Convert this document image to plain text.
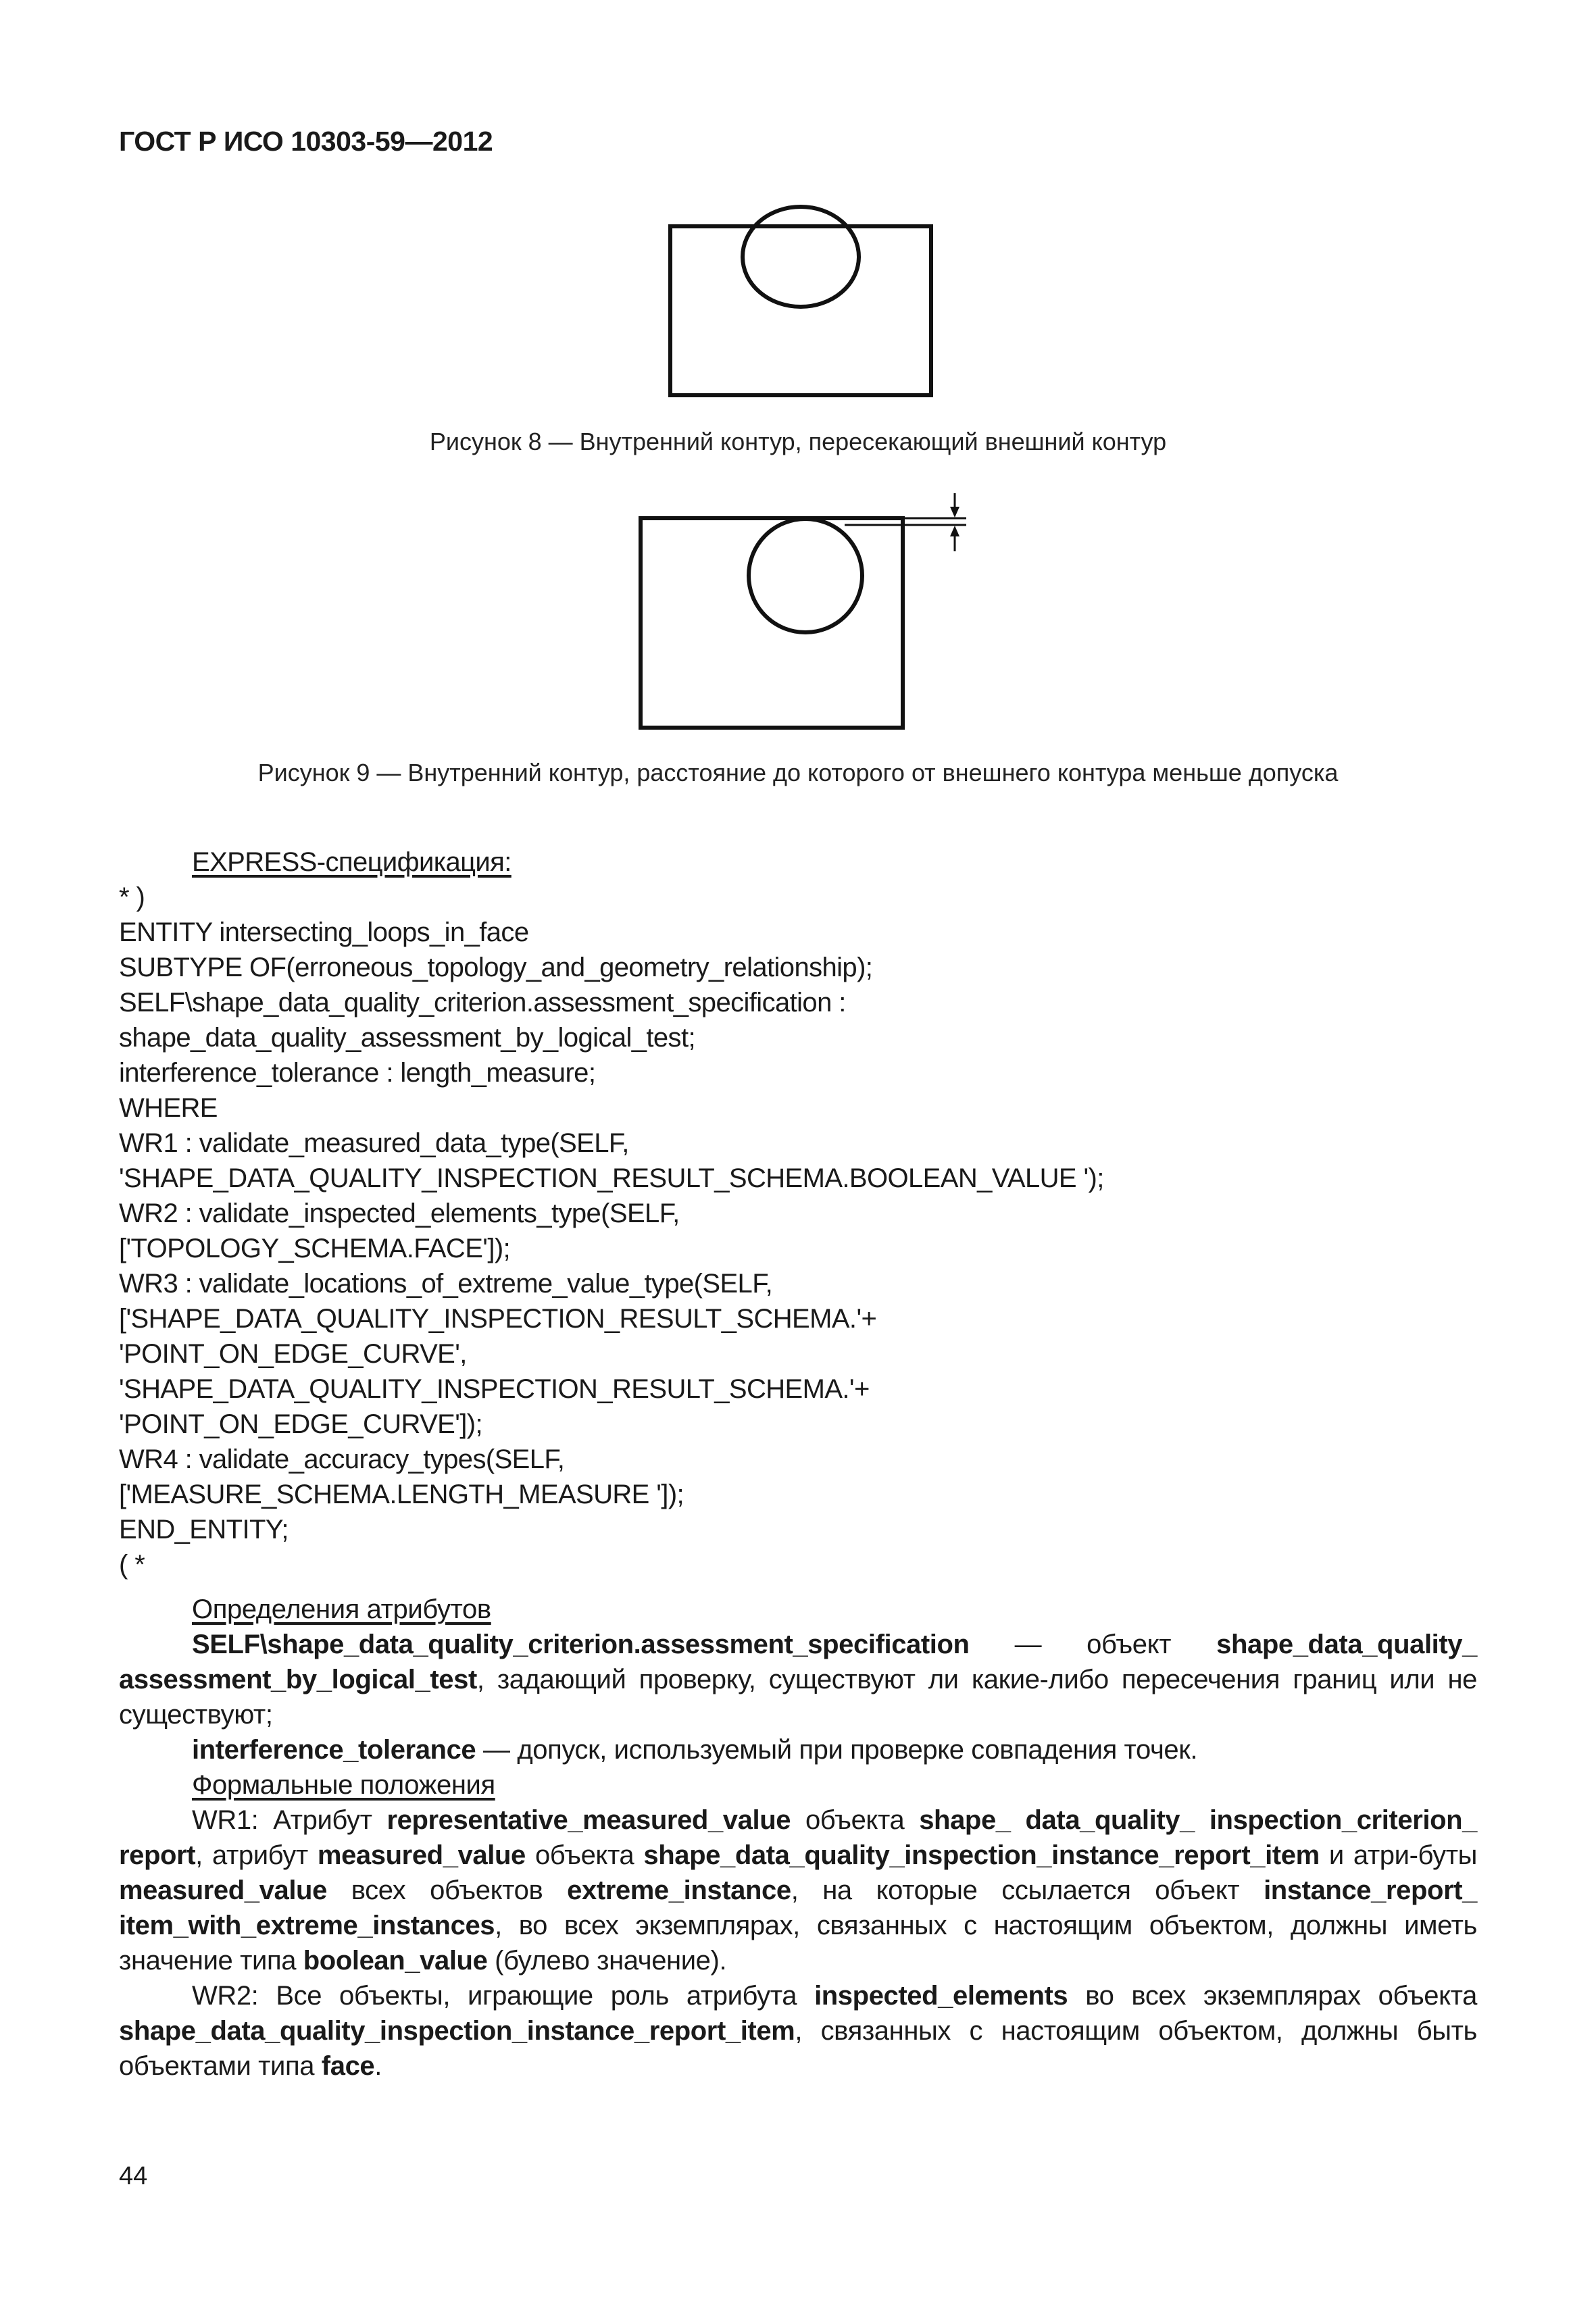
ГОСТ Р ИСО 10303-59—2012
Рисунок 8 — Внутренний контур, пересекающий внешний контур
Рисунок 9 — Внутренний контур, расстояние до которого от внешнего контура меньше допуска
EXPRESS-спецификация:
* )
ENTITY intersecting_loops_in_face
SUBTYPE OF(erroneous_topology_and_geometry_relationship);
SELF\shape_data_quality_criterion.assessment_specification :
shape_data_quality_assessment_by_logical_test;
interference_tolerance : length_measure;
WHERE
WR1 : validate_measured_data_type(SELF,
'SHAPE_DATA_QUALITY_INSPECTION_RESULT_SCHEMA.BOOLEAN_VALUE ');
WR2 : validate_inspected_elements_type(SELF,
['TOPOLOGY_SCHEMA.FACE']);
WR3 : validate_locations_of_extreme_value_type(SELF,
['SHAPE_DATA_QUALITY_INSPECTION_RESULT_SCHEMA.'+
'POINT_ON_EDGE_CURVE',
'SHAPE_DATA_QUALITY_INSPECTION_RESULT_SCHEMA.'+
'POINT_ON_EDGE_CURVE']);
WR4 : validate_accuracy_types(SELF,
['MEASURE_SCHEMA.LENGTH_MEASURE ']);
END_ENTITY;
( *

Определения атрибутов

SELF\shape_data_quality_criterion.assessment_specification — объект shape_data_quality_ assessment_by_logical_test, задающий проверку, существуют ли какие-либо пересечения границ или не существуют;

interference_tolerance — допуск, используемый при проверке совпадения точек.

Формальные положения

WR1: Атрибут representative_measured_value объекта shape_ data_quality_ inspection_criterion_ report, атрибут measured_value объекта shape_data_quality_inspection_instance_report_item и атри-буты measured_value всех объектов extreme_instance, на которые ссылается объект instance_report_ item_with_extreme_instances, во всех экземплярах, связанных с настоящим объектом, должны иметь значение типа boolean_value (булево значение).

WR2: Все объекты, играющие роль атрибута inspected_elements во всех экземплярах объекта shape_data_quality_inspection_instance_report_item, связанных с настоящим объектом, должны быть объектами типа face.

44
